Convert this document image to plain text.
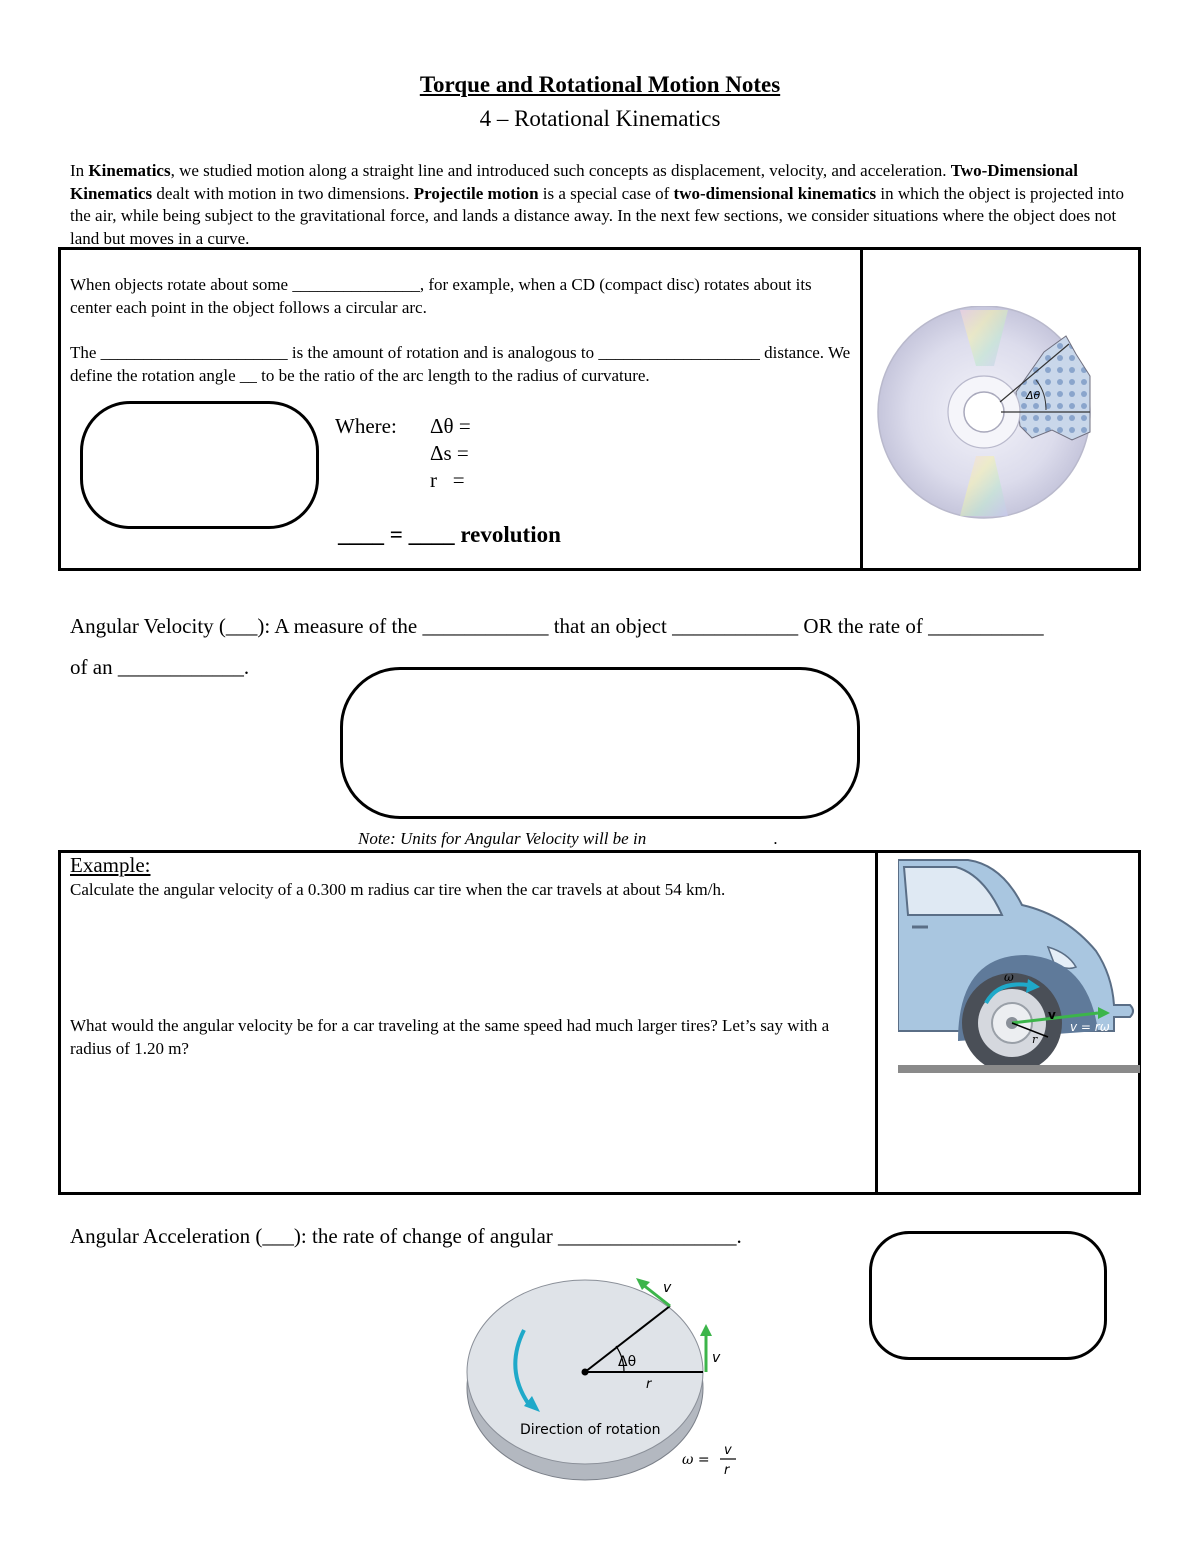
Torque and Rotational Motion Notes
4 – Rotational Kinematics
In Kinematics, we studied motion along a straight line and introduced such concepts as displacement, velocity, and acceleration. Two-Dimensional Kinematics dealt with motion in two dimensions. Projectile motion is a special case of two-dimensional kinematics in which the object is projected into the air, while being subject to the gravitational force, and lands a distance away. In the next few sections, we consider situations where the object does not land but moves in a curve.
When objects rotate about some _______________, for example, when a CD (compact disc) rotates about its center each point in the object follows a circular arc.
The ______________________ is the amount of rotation and is analogous to ___________________ distance. We define the rotation angle __ to be the ratio of the arc length to the radius of curvature.
Where: Δθ =
Δs =
r   =
____ = ____ revolution
Δθ
Angular Velocity (___): A measure of the ____________ that an object ____________ OR the rate of ___________
of an ____________.
Note: Units for Angular Velocity will be in                              .
Example:
Calculate the angular velocity of a 0.300 m radius car tire when the car travels at about 54 km/h.
What would the angular velocity be for a car traveling at the same speed had much larger tires? Let’s say with a radius of 1.20 m?
ω
v
r
v = rω
Angular Acceleration (___): the rate of change of angular _________________.
v
v
Δθ
r
Direction of rotation
ω =
v
r
